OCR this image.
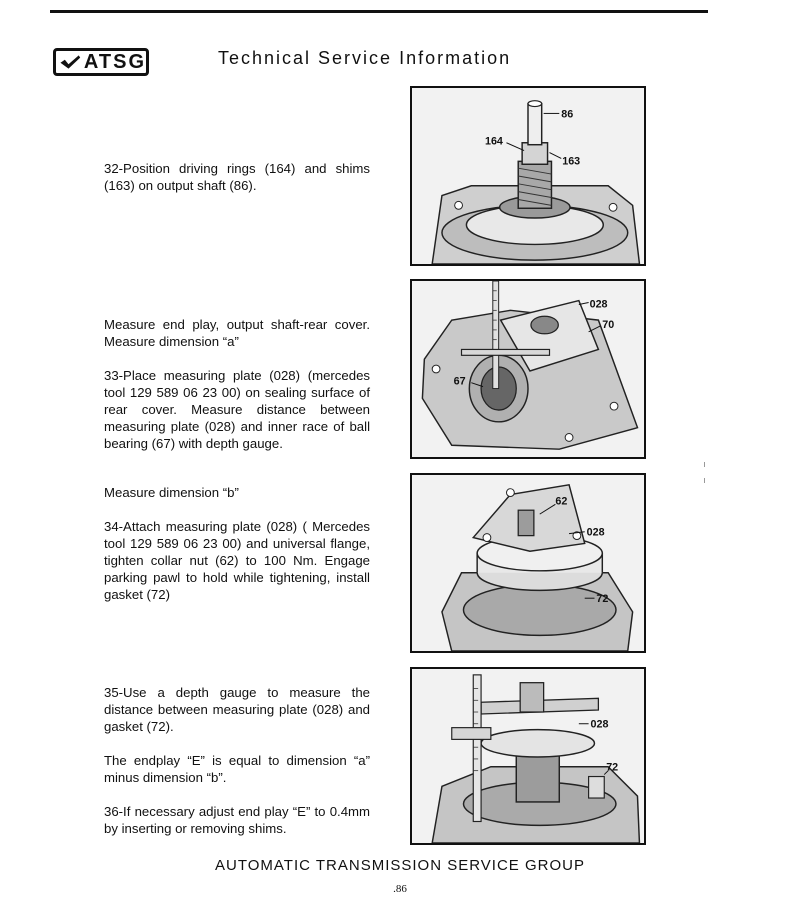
ATSG	Technical Service Information

32-Position driving rings (164) and shims (163) on output shaft (86).

Measure end play, output shaft-rear cover. Measure dimension “a”

33-Place measuring plate (028) (mercedes tool 129 589 06 23 00) on sealing surface of rear cover. Measure distance between measuring plate (028) and inner race of ball bearing (67) with depth gauge.

Measure dimension “b”

34-Attach measuring plate (028) ( Mercedes tool 129 589 06 23 00) and universal flange, tighten collar nut (62) to 100 Nm. Engage parking pawl to hold while tightening, install gasket (72)

35-Use a depth gauge to measure the distance between measuring plate (028) and gasket (72).

The endplay “E” is equal to dimension “a” minus dimension “b”.

36-If necessary adjust end play “E” to 0.4mm by inserting or removing shims.

86
164
163
028
70
67
62
028
72
028
72
AUTOMATIC TRANSMISSION SERVICE GROUP
.86
